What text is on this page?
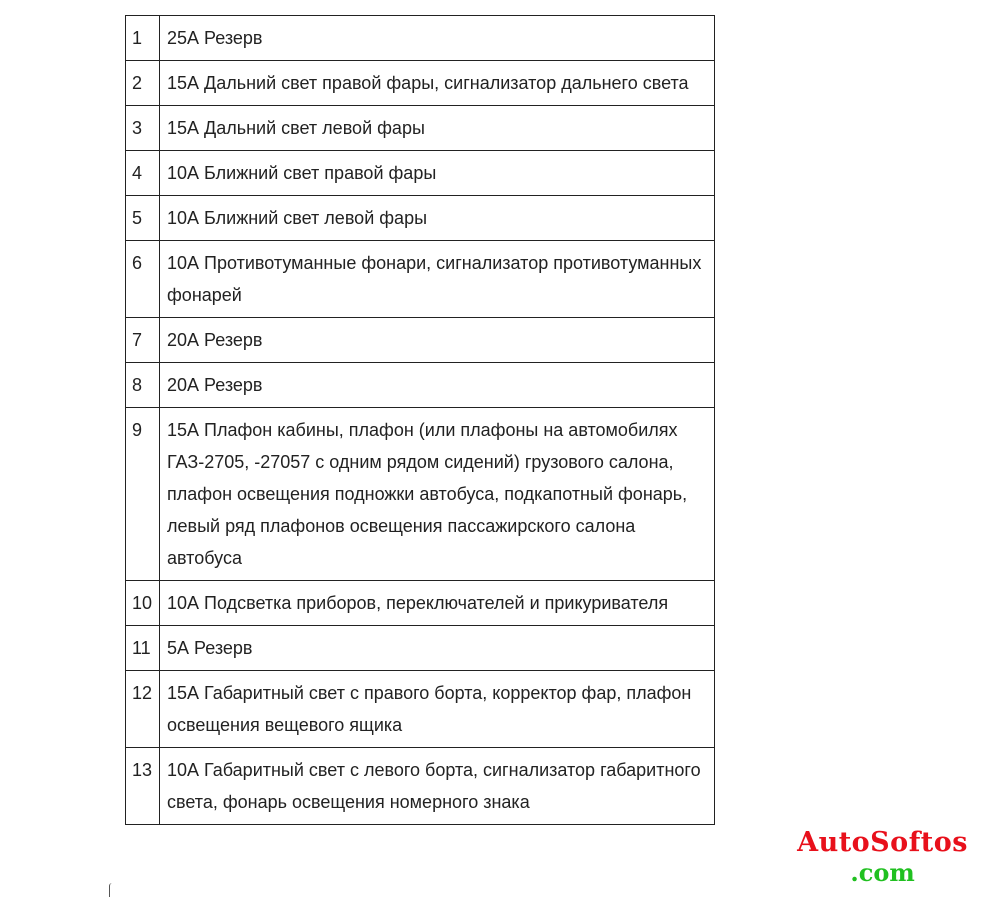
1	25А Резерв
2	15А Дальний свет правой фары, сигнализатор дальнего света
3	15А Дальний свет левой фары
4	10А Ближний свет правой фары
5	10А Ближний свет левой фары
6	10А Противотуманные фонари, сигнализатор противотуманных фонарей
7	20А Резерв
8	20А Резерв
9	15А Плафон кабины, плафон (или плафоны на автомобилях ГАЗ-2705, -27057 с одним рядом сидений) грузового салона, плафон освещения подножки автобуса, подкапотный фонарь, левый ряд плафонов освещения пассажирского салона автобуса
10	10А Подсветка приборов, переключателей и прикуривателя
11	5А Резерв
12	15А Габаритный свет с правого борта, корректор фар, плафон освещения вещевого ящика
13	10А Габаритный свет с левого борта, сигнализатор габаритного света, фонарь освещения номерного знака
AutoSoftos
.com
